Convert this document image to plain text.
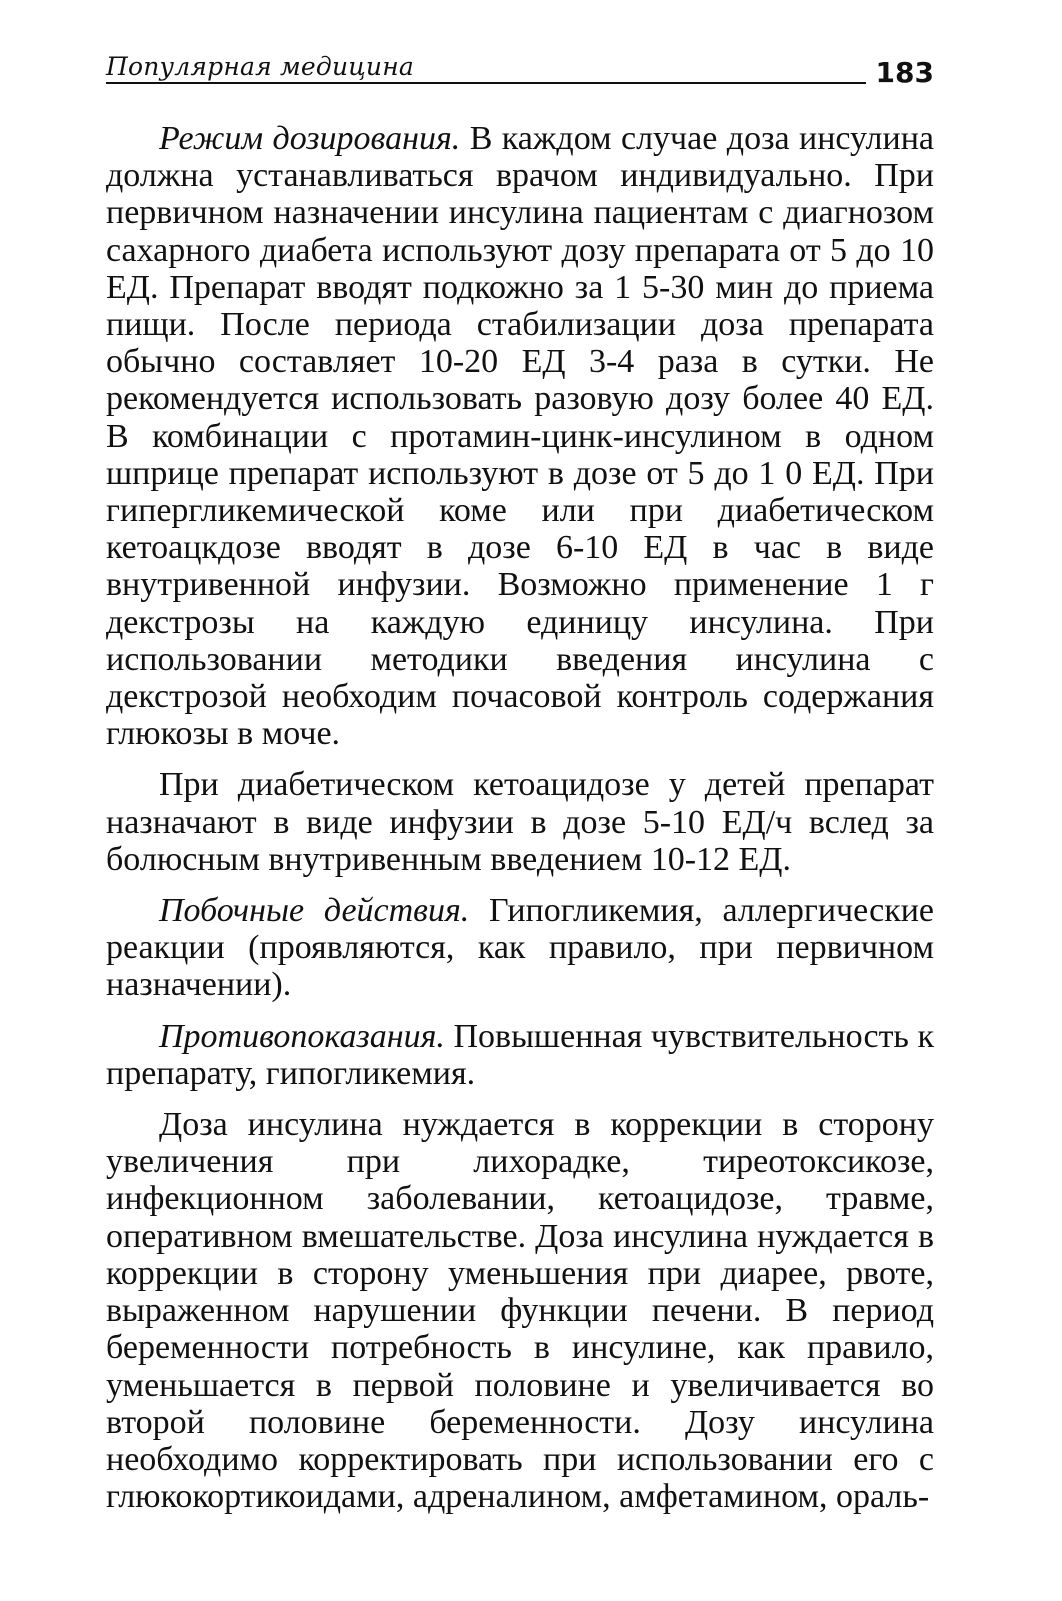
Популярная медицина	183

Режим дозирования. В каждом случае доза инсулина должна устанавливаться врачом индивидуально. При первичном назначении инсулина пациентам с диагнозом сахарного диабета используют дозу препарата от 5 до 10 ЕД. Препарат вводят подкожно за 1 5-30 мин до приема пищи. После периода стабилизации доза препарата обычно составляет 10-20 ЕД 3-4 раза в сутки. Не рекомендуется использовать разовую дозу более 40 ЕД. В комбинации с протамин-цинк-инсулином в одном шприце препарат используют в дозе от 5 до 1 0 ЕД. При гипергликемической коме или при диабетическом кетоацкдозе вводят в дозе 6-10 ЕД в час в виде внутривенной инфузии. Возможно применение 1 г декстрозы на каждую единицу инсулина. При использовании методики введения инсулина с декстрозой необходим почасовой контроль содержания глюкозы в моче.

При диабетическом кетоацидозе у детей препарат назначают в виде инфузии в дозе 5-10 ЕД/ч вслед за болюсным внутривенным введением 10-12 ЕД.

Побочные действия. Гипогликемия, аллергические реакции (проявляются, как правило, при первичном назначении).

Противопоказания. Повышенная чувствительность к препарату, гипогликемия.

Доза инсулина нуждается в коррекции в сторону увеличения при лихорадке, тиреотоксикозе, инфекционном заболевании, кетоацидозе, травме, оперативном вмешательстве. Доза инсулина нуждается в коррекции в сторону уменьшения при диарее, рвоте, выраженном нарушении функции печени. В период беременности потребность в инсулине, как правило, уменьшается в первой половине и увеличивается во второй половине беременности. Дозу инсулина необходимо корректировать при использовании его с глюкокортикоидами, адреналином, амфетамином, ораль-
